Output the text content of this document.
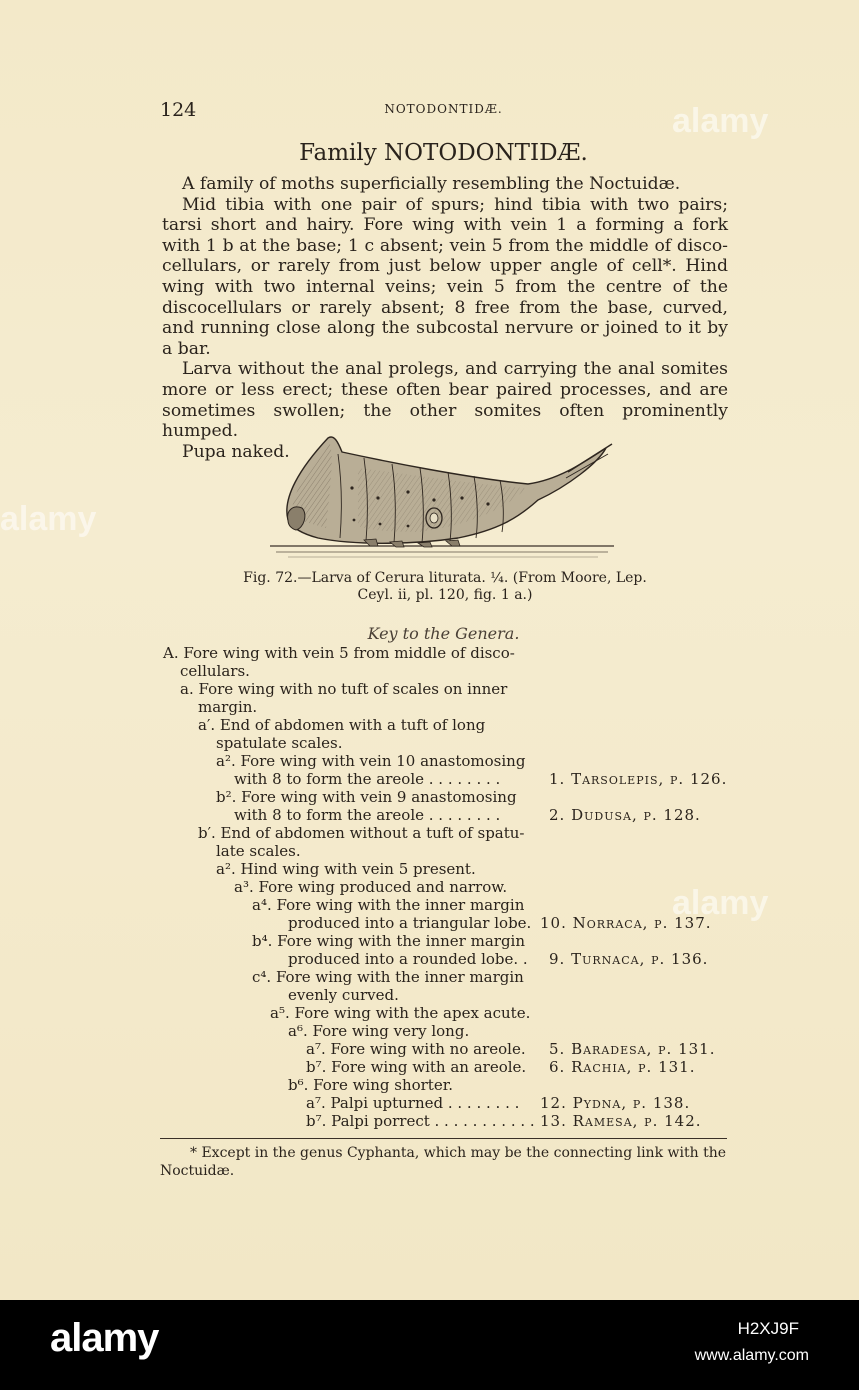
alamy
alamy
alamy
124	NOTODONTIDÆ.
Family NOTODONTIDÆ.

A family of moths superficially resembling the Noctuidæ.

Mid tibia with one pair of spurs; hind tibia with two pairs; tarsi short and hairy. Fore wing with vein 1 a forming a fork with 1 b at the base; 1 c absent; vein 5 from the middle of disco-cellulars, or rarely from just below upper angle of cell*. Hind wing with two internal veins; vein 5 from the centre of the discocellulars or rarely absent; 8 free from the base, curved, and running close along the subcostal nervure or joined to it by a bar.

Larva without the anal prolegs, and carrying the anal somites more or less erect; these often bear paired processes, and are sometimes swollen; the other somites often prominently humped.

Pupa naked.

Fig. 72.—Larva of Cerura liturata. ¼. (From Moore, Lep.
Ceyl. ii, pl. 120, fig. 1 a.)
Key to the Genera.
A. Fore wing with vein 5 from middle of disco-
cellulars.
a. Fore wing with no tuft of scales on inner
margin.
a′. End of abdomen with a tuft of long
spatulate scales.
a². Fore wing with vein 10 anastomosing
with 8 to form the areole . . . . . . . .
b². Fore wing with vein 9 anastomosing
with 8 to form the areole . . . . . . . .
b′. End of abdomen without a tuft of spatu-
late scales.
a². Hind wing with vein 5 present.
a³. Fore wing produced and narrow.
a⁴. Fore wing with the inner margin
produced into a triangular lobe.
b⁴. Fore wing with the inner margin
produced into a rounded lobe. .
c⁴. Fore wing with the inner margin
evenly curved.
a⁵. Fore wing with the apex acute.
a⁶. Fore wing very long.
a⁷. Fore wing with no areole.
b⁷. Fore wing with an areole.
b⁶. Fore wing shorter.
a⁷. Palpi upturned . . . . . . . .
b⁷. Palpi porrect . . . . . . . . . . .
1. Tarsolepis, p. 126.
2. Dudusa, p. 128.
10. Norraca, p. 137.
9. Turnaca, p. 136.
5. Baradesa, p. 131.
6. Rachia, p. 131.
12. Pydna, p. 138.
13. Ramesa, p. 142.

* Except in the genus Cyphanta, which may be the connecting link with the Noctuidæ.

alamy	H2XJ9F
www.alamy.com
